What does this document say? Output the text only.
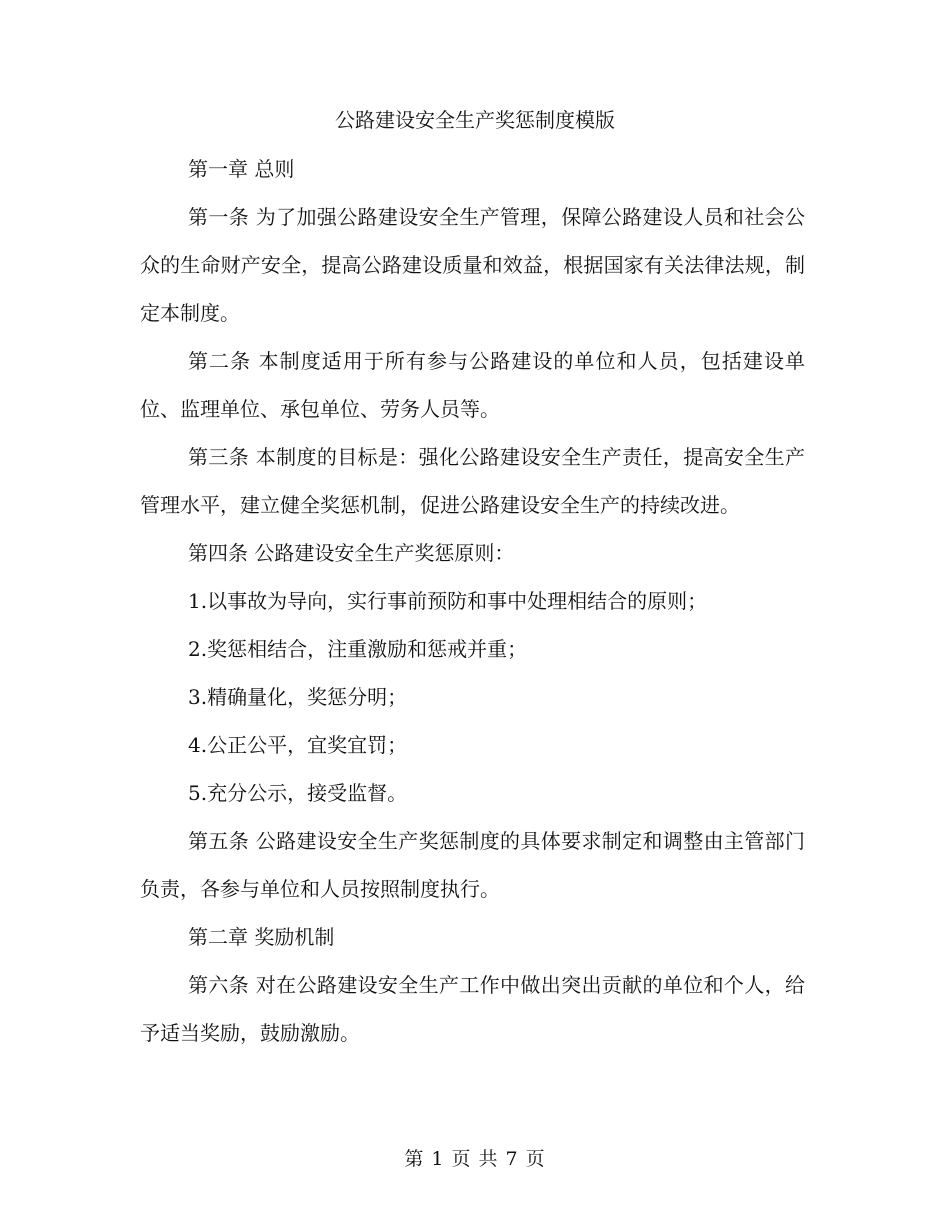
公路建设安全生产奖惩制度模版

第一章 总则

第一条 为了加强公路建设安全生产管理，保障公路建设人员和社会公众的生命财产安全，提高公路建设质量和效益，根据国家有关法律法规，制定本制度。

第二条 本制度适用于所有参与公路建设的单位和人员，包括建设单位、监理单位、承包单位、劳务人员等。

第三条 本制度的目标是：强化公路建设安全生产责任，提高安全生产管理水平，建立健全奖惩机制，促进公路建设安全生产的持续改进。

第四条 公路建设安全生产奖惩原则：

1.以事故为导向，实行事前预防和事中处理相结合的原则；

2.奖惩相结合，注重激励和惩戒并重；

3.精确量化，奖惩分明；

4.公正公平，宜奖宜罚；

5.充分公示，接受监督。

第五条 公路建设安全生产奖惩制度的具体要求制定和调整由主管部门负责，各参与单位和人员按照制度执行。

第二章 奖励机制

第六条 对在公路建设安全生产工作中做出突出贡献的单位和个人，给予适当奖励，鼓励激励。

第 1 页 共 7 页
